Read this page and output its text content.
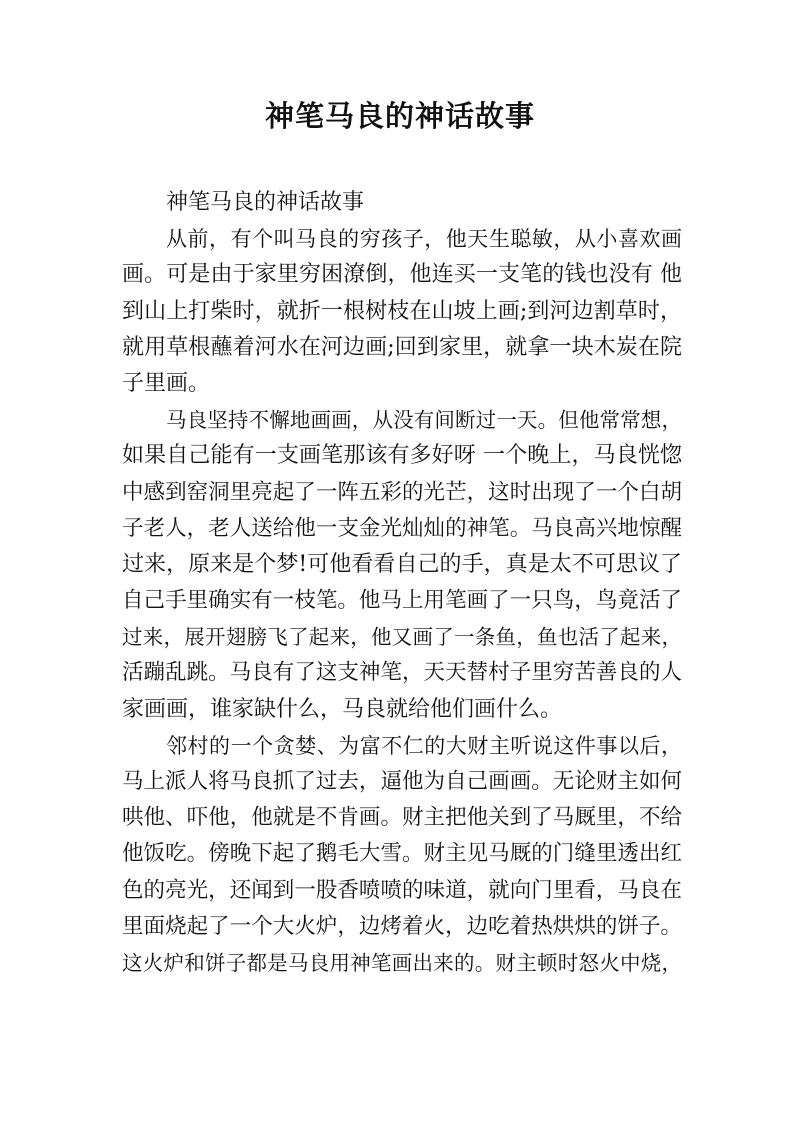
神笔马良的神话故事
神笔马良的神话故事
从前，有个叫马良的穷孩子，他天生聪敏，从小喜欢画
画。可是由于家里穷困潦倒，他连买一支笔的钱也没有 他
到山上打柴时，就折一根树枝在山坡上画;到河边割草时，
就用草根蘸着河水在河边画;回到家里，就拿一块木炭在院
子里画。
马良坚持不懈地画画，从没有间断过一天。但他常常想，
如果自己能有一支画笔那该有多好呀 一个晚上，马良恍惚
中感到窑洞里亮起了一阵五彩的光芒，这时出现了一个白胡
子老人，老人送给他一支金光灿灿的神笔。马良高兴地惊醒
过来，原来是个梦!可他看看自己的手，真是太不可思议了
自己手里确实有一枝笔。他马上用笔画了一只鸟，鸟竟活了
过来，展开翅膀飞了起来，他又画了一条鱼，鱼也活了起来，
活蹦乱跳。马良有了这支神笔，天天替村子里穷苦善良的人
家画画，谁家缺什么，马良就给他们画什么。
邻村的一个贪婪、为富不仁的大财主听说这件事以后，
马上派人将马良抓了过去，逼他为自己画画。无论财主如何
哄他、吓他，他就是不肯画。财主把他关到了马厩里，不给
他饭吃。傍晚下起了鹅毛大雪。财主见马厩的门缝里透出红
色的亮光，还闻到一股香喷喷的味道，就向门里看，马良在
里面烧起了一个大火炉，边烤着火，边吃着热烘烘的饼子。
这火炉和饼子都是马良用神笔画出来的。财主顿时怒火中烧，
